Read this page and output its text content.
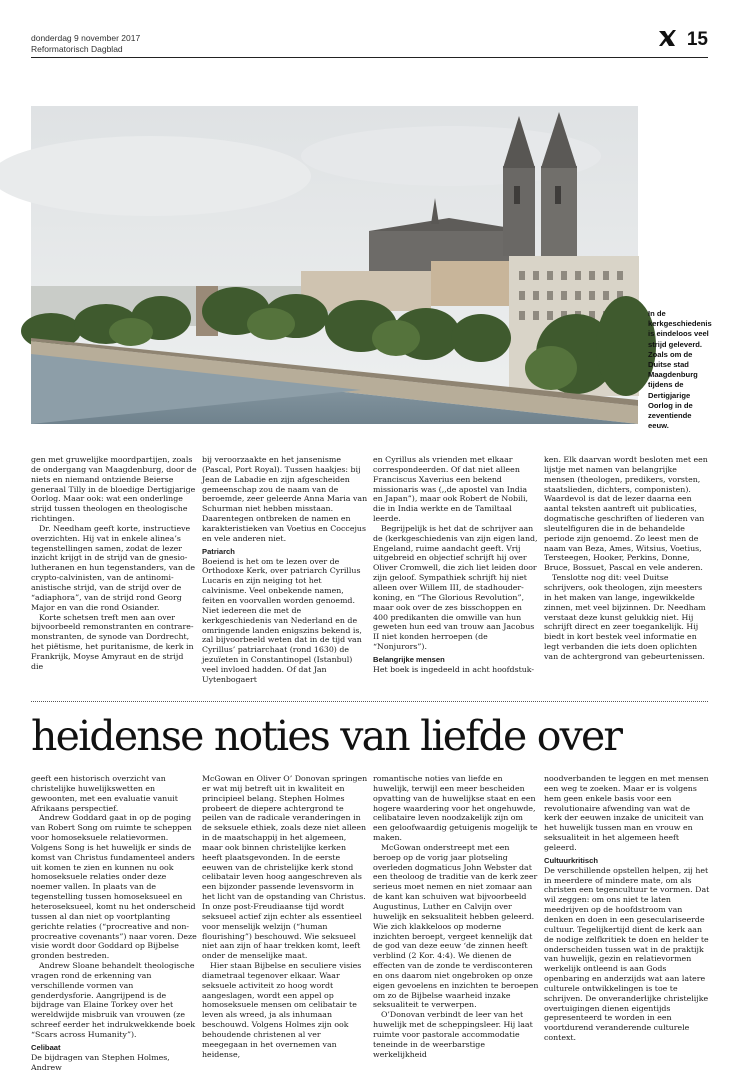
donderdag 9 november 2017
Reformatorisch Dagblad	15
In de kerkgeschiedenis is eindeloos veel strijd geleverd. Zoals om de Duitse stad Maagdenburg tijdens de Dertigjarige Oorlog in de zeventiende eeuw.

gen met gruwelijke moordpartijen, zoals de ondergang van Maagdenburg, door de niets en niemand ontziende Beierse generaal Tilly in de bloedige Dertigjarige Oorlog. Maar ook: wat een onderlinge strijd tussen theologen en theologische richtingen.

Dr. Needham geeft korte, instructieve overzichten. Hij vat in enkele alinea’s tegenstellingen samen, zodat de lezer inzicht krijgt in de strijd van de gnesio-lutheranen en hun tegenstanders, van de crypto-calvinisten, van de antinomi-anistische strijd, van de strijd over de “adiaphora”, van de strijd rond Georg Major en van die rond Osiander.

Korte schetsen treft men aan over bijvoorbeeld remonstranten en contrare-monstranten, de synode van Dordrecht, het piëtisme, het puritanisme, de kerk in Frankrijk, Moyse Amyraut en de strijd die

bij veroorzaakte en het jansenisme (Pascal, Port Royal). Tussen haakjes: bij Jean de Labadie en zijn afgescheiden gemeenschap zou de naam van de beroemde, zeer geleerde Anna Maria van Schurman niet hebben misstaan. Daarentegen ontbreken de namen en karakteristieken van Voetius en Coccejus en vele anderen niet.

Patriarch

Boeiend is het om te lezen over de Orthodoxe Kerk, over patriarch Cyrillus Lucaris en zijn neiging tot het calvinisme. Veel onbekende namen, feiten en voorvallen worden genoemd. Niet iedereen die met de kerkgeschiedenis van Nederland en de omringende landen enigszins bekend is, zal bijvoorbeeld weten dat in de tijd van Cyrillus’ patriarchaat (rond 1630) de jezuïeten in Constantinopel (Istanbul) veel invloed hadden. Of dat Jan Uytenbogaert

en Cyrillus als vrienden met elkaar correspondeerden. Of dat niet alleen Franciscus Xaverius een bekend missionaris was (,,de apostel van India en Japan”), maar ook Robert de Nobili, die in India werkte en de Tamiltaal leerde.

Begrijpelijk is het dat de schrijver aan de (kerkgeschiedenis van zijn eigen land, Engeland, ruime aandacht geeft. Vrij uitgebreid en objectief schrijft hij over Oliver Cromwell, die zich liet leiden door zijn geloof. Sympathiek schrijft hij niet alleen over Willem III, de stadhouder-koning, en “The Glorious Revolution”, maar ook over de zes bisschoppen en 400 predikanten die omwille van hun geweten hun eed van trouw aan Jacobus II niet konden herroepen (de “Nonjurors”).

Belangrijke mensen

Het boek is ingedeeld in acht hoofdstuk-

ken. Elk daarvan wordt besloten met een lijstje met namen van belangrijke mensen (theologen, predikers, vorsten, staatslieden, dichters, componisten). Waardevol is dat de lezer daarna een aantal teksten aantreft uit publicaties, dogmatische geschriften of liederen van sleutelfiguren die in de behandelde periode zijn genoemd. Zo leest men de naam van Beza, Ames, Witsius, Voetius, Tersteegen, Hooker, Perkins, Donne, Bruce, Bossuet, Pascal en vele anderen.

Tenslotte nog dit: veel Duitse schrijvers, ook theologen, zijn meesters in het maken van lange, ingewikkelde zinnen, met veel bijzinnen. Dr. Needham verstaat deze kunst gelukkig niet. Hij schrijft direct en zeer toegankelijk. Hij biedt in kort bestek veel informatie en legt verbanden die iets doen oplichten van de achtergrond van gebeurtenissen.

heidense noties van liefde over

geeft een historisch overzicht van christelijke huwelijkswetten en gewoonten, met een evaluatie vanuit Afrikaans perspectief.

Andrew Goddard gaat in op de poging van Robert Song om ruimte te scheppen voor homoseksuele relatievormen. Volgens Song is het huwelijk er sinds de komst van Christus fundamenteel anders uit komen te zien en kunnen nu ook homoseksuele relaties onder deze noemer vallen. In plaats van de tegenstelling tussen homoseksueel en heteroseksueel, komt nu het onderscheid tussen al dan niet op voortplanting gerichte relaties (“procreative and non- procreative covenants”) naar voren. Deze visie wordt door Goddard op Bijbelse gronden bestreden.

Andrew Sloane behandelt theologische vragen rond de erkenning van verschillende vormen van genderdysforie. Aangrijpend is de bijdrage van Elaine Torkey over het wereldwijde misbruik van vrouwen (ze schreef eerder het indrukwekkende boek “Scars across Humanity”).

Celibaat

De bijdragen van Stephen Holmes, Andrew

McGowan en Oliver O’ Donovan springen er wat mij betreft uit in kwaliteit en principieel belang. Stephen Holmes probeert de diepere achtergrond te peilen van de radicale veranderingen in de seksuele ethiek, zoals deze niet alleen in de maatschappij in het algemeen, maar ook binnen christelijke kerken heeft plaatsgevonden. In de eerste eeuwen van de christelijke kerk stond celibatair leven hoog aangeschreven als een bijzonder passende levensvorm in het licht van de opstanding van Christus. In onze post-Freudiaanse tijd wordt seksueel actief zijn echter als essentieel voor menselijk welzijn (“human flourishing”) beschouwd. Wie seksueel niet aan zijn of haar trekken komt, leeft onder de menselijke maat.

Hier staan Bijbelse en seculiere visies diametraal tegenover elkaar. Waar seksuele activiteit zo hoog wordt aangeslagen, wordt een appel op homoseksuele mensen om celibatair te leven als wreed, ja als inhumaan beschouwd. Volgens Holmes zijn ook behoudende christenen al ver meegegaan in het overnemen van heidense,

romantische noties van liefde en huwelijk, terwijl een meer bescheiden opvatting van de huwelijkse staat en een hogere waardering voor het ongehuwde, celibataire leven noodzakelijk zijn om een geloofwaardig getuigenis mogelijk te maken.

McGowan onderstreept met een beroep op de vorig jaar plotseling overleden dogmaticus John Webster dat een theoloog de traditie van de kerk zeer serieus moet nemen en niet zomaar aan de kant kan schuiven wat bijvoorbeeld Augustinus, Luther en Calvijn over huwelijk en seksualiteit hebben geleerd. Wie zich klakkeloos op moderne inzichten beroept, vergeet kennelijk dat de god van deze eeuw ‘de zinnen heeft verblind (2 Kor. 4:4). We dienen de effecten van de zonde te verdisconteren en ons daarom niet ongebroken op onze eigen gevoelens en inzichten te beroepen om zo de Bijbelse waarheid inzake seksualiteit te verwerpen.

O’Donovan verbindt de leer van het huwelijk met de scheppingsleer. Hij laat ruimte voor pastorale accommodatie teneinde in de weerbarstige werkelijkheid

noodverbanden te leggen en met mensen een weg te zoeken. Maar er is volgens hem geen enkele basis voor een revolutionaire afwending van wat de kerk der eeuwen inzake de uniciteit van het huwelijk tussen man en vrouw en seksualiteit in het algemeen heeft geleerd.

Cultuurkritisch

De verschillende opstellen helpen, zij het in meerdere of mindere mate, om als christen een tegencultuur te vormen. Dat wil zeggen: om ons niet te laten meedrijven op de hoofdstroom van denken en doen in een geseculariseerde cultuur. Tegelijkertijd dient de kerk aan de nodige zelfkritiek te doen en helder te onderscheiden tussen wat in de praktijk van huwelijk, gezin en relatievormen werkelijk ontleend is aan Gods openbaring en anderzijds wat aan latere culturele ontwikkelingen is toe te schrijven. De onveranderlijke christelijke overtuigingen dienen eigentijds gepresenteerd te worden in een voortdurend veranderende culturele context.
